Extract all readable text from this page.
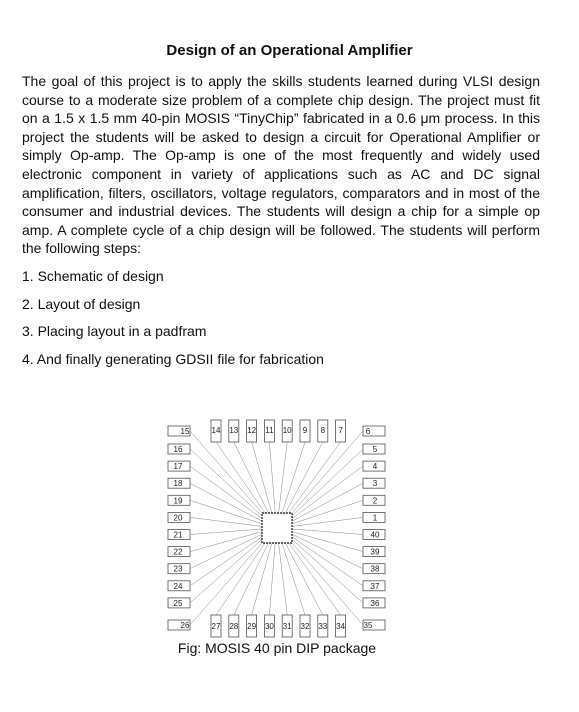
Design of an Operational Amplifier

The goal of this project is to apply the skills students learned during VLSI design course to a moderate size problem of a complete chip design. The project must fit on a 1.5 x 1.5 mm 40-pin MOSIS “TinyChip” fabricated in a 0.6 μm process. In this project the students will be asked to design a circuit for Operational Amplifier or simply Op-amp. The Op-amp is one of the most frequently and widely used electronic component in variety of applications such as AC and DC signal amplification, filters, oscillators, voltage regulators, comparators and in most of the consumer and industrial devices. The students will design a chip for a simple op amp. A complete cycle of a chip design will be followed. The students will perform the following steps:

1. Schematic of design
2. Layout of design
3. Placing layout in a padfram
4. And finally generating GDSII file for fabrication
16
17
18
19
20
21
22
23
24
25
5
4
3
2
1
40
39
38
37
36
14 13 12 11 10 9 8 7
27 28 29 30 31 32 33 34
15	6
26	35
Fig: MOSIS 40 pin DIP package
